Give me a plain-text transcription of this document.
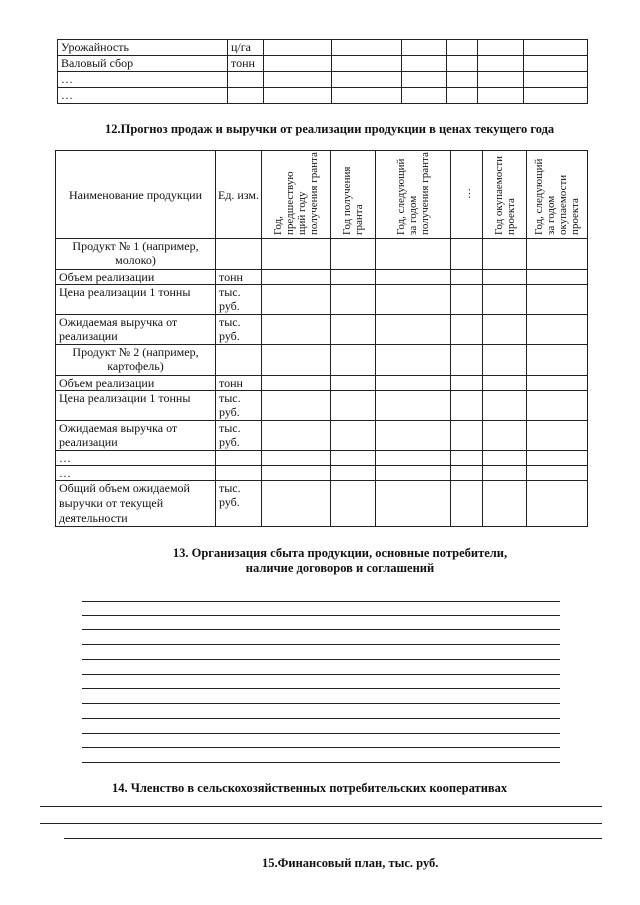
Урожайность	ц/га						
Валовый сбор	тонн						
…							
…							
12.Прогноз продаж и выручки от реализации продукции в ценах текущего года
Наименование продукции	Ед. изм.	Год, предшествую щий году получения гранта	Год получения гранта	Год, следующий за годом получения гранта	…	Год окупаемости проекта	Год, следующий за годом окупаемости проекта
Продукт № 1 (например, молоко)							
Объем реализации	тонн						
Цена реализации 1 тонны	тыс. руб.						
Ожидаемая выручка от реализации	тыс. руб.						
Продукт № 2 (например, картофель)							
Объем реализации	тонн						
Цена реализации 1 тонны	тыс. руб.						
Ожидаемая выручка от реализации	тыс. руб.						
…							
…							
Общий объем ожидаемой выручки от текущей деятельности	тыс. руб.						
13. Организация сбыта продукции, основные потребители,
наличие договоров и соглашений
14. Членство в сельскохозяйственных потребительских кооперативах
15.Финансовый план, тыс. руб.
